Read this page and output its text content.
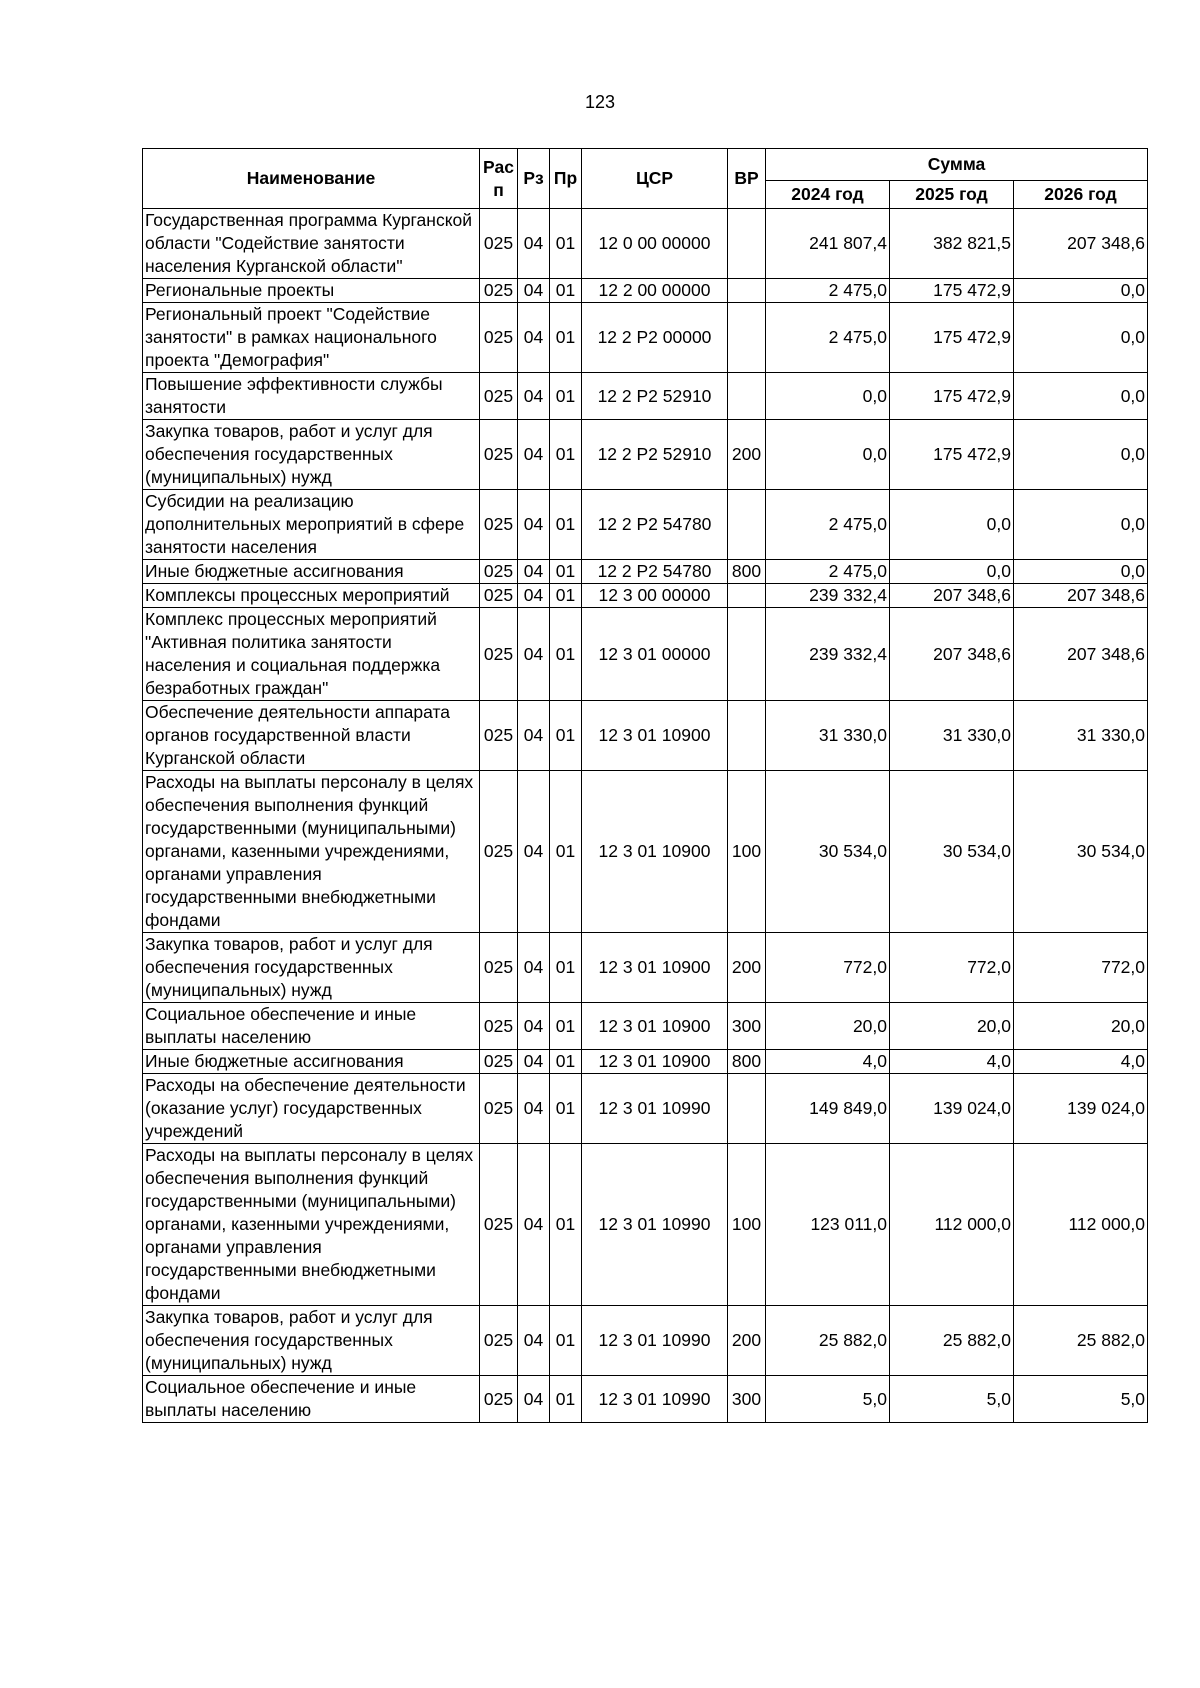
123
Наименование	Рас п	Рз	Пр	ЦСР	ВР	Сумма		
						2024 год	2025 год	2026 год
Государственная программа Курганской области "Содействие занятости населения Курганской области"	025	04	01	12 0 00 00000		241 807,4	382 821,5	207 348,6
Региональные проекты	025	04	01	12 2 00 00000		2 475,0	175 472,9	0,0
Региональный проект "Содействие занятости" в рамках национального проекта "Демография"	025	04	01	12 2 Р2 00000		2 475,0	175 472,9	0,0
Повышение эффективности службы занятости	025	04	01	12 2 Р2 52910		0,0	175 472,9	0,0
Закупка товаров, работ и услуг для обеспечения государственных (муниципальных) нужд	025	04	01	12 2 Р2 52910	200	0,0	175 472,9	0,0
Субсидии на реализацию дополнительных мероприятий в сфере занятости населения	025	04	01	12 2 Р2 54780		2 475,0	0,0	0,0
Иные бюджетные ассигнования	025	04	01	12 2 Р2 54780	800	2 475,0	0,0	0,0
Комплексы процессных мероприятий	025	04	01	12 3 00 00000		239 332,4	207 348,6	207 348,6
Комплекс процессных мероприятий "Активная политика занятости населения и социальная поддержка безработных граждан"	025	04	01	12 3 01 00000		239 332,4	207 348,6	207 348,6
Обеспечение деятельности аппарата органов государственной власти Курганской области	025	04	01	12 3 01 10900		31 330,0	31 330,0	31 330,0
Расходы на выплаты персоналу в целях обеспечения выполнения функций государственными (муниципальными) органами, казенными учреждениями, органами управления государственными внебюджетными фондами	025	04	01	12 3 01 10900	100	30 534,0	30 534,0	30 534,0
Закупка товаров, работ и услуг для обеспечения государственных (муниципальных) нужд	025	04	01	12 3 01 10900	200	772,0	772,0	772,0
Социальное обеспечение и иные выплаты населению	025	04	01	12 3 01 10900	300	20,0	20,0	20,0
Иные бюджетные ассигнования	025	04	01	12 3 01 10900	800	4,0	4,0	4,0
Расходы на обеспечение деятельности (оказание услуг) государственных учреждений	025	04	01	12 3 01 10990		149 849,0	139 024,0	139 024,0
Расходы на выплаты персоналу в целях обеспечения выполнения функций государственными (муниципальными) органами, казенными учреждениями, органами управления государственными внебюджетными фондами	025	04	01	12 3 01 10990	100	123 011,0	112 000,0	112 000,0
Закупка товаров, работ и услуг для обеспечения государственных (муниципальных) нужд	025	04	01	12 3 01 10990	200	25 882,0	25 882,0	25 882,0
Социальное обеспечение и иные выплаты населению	025	04	01	12 3 01 10990	300	5,0	5,0	5,0
